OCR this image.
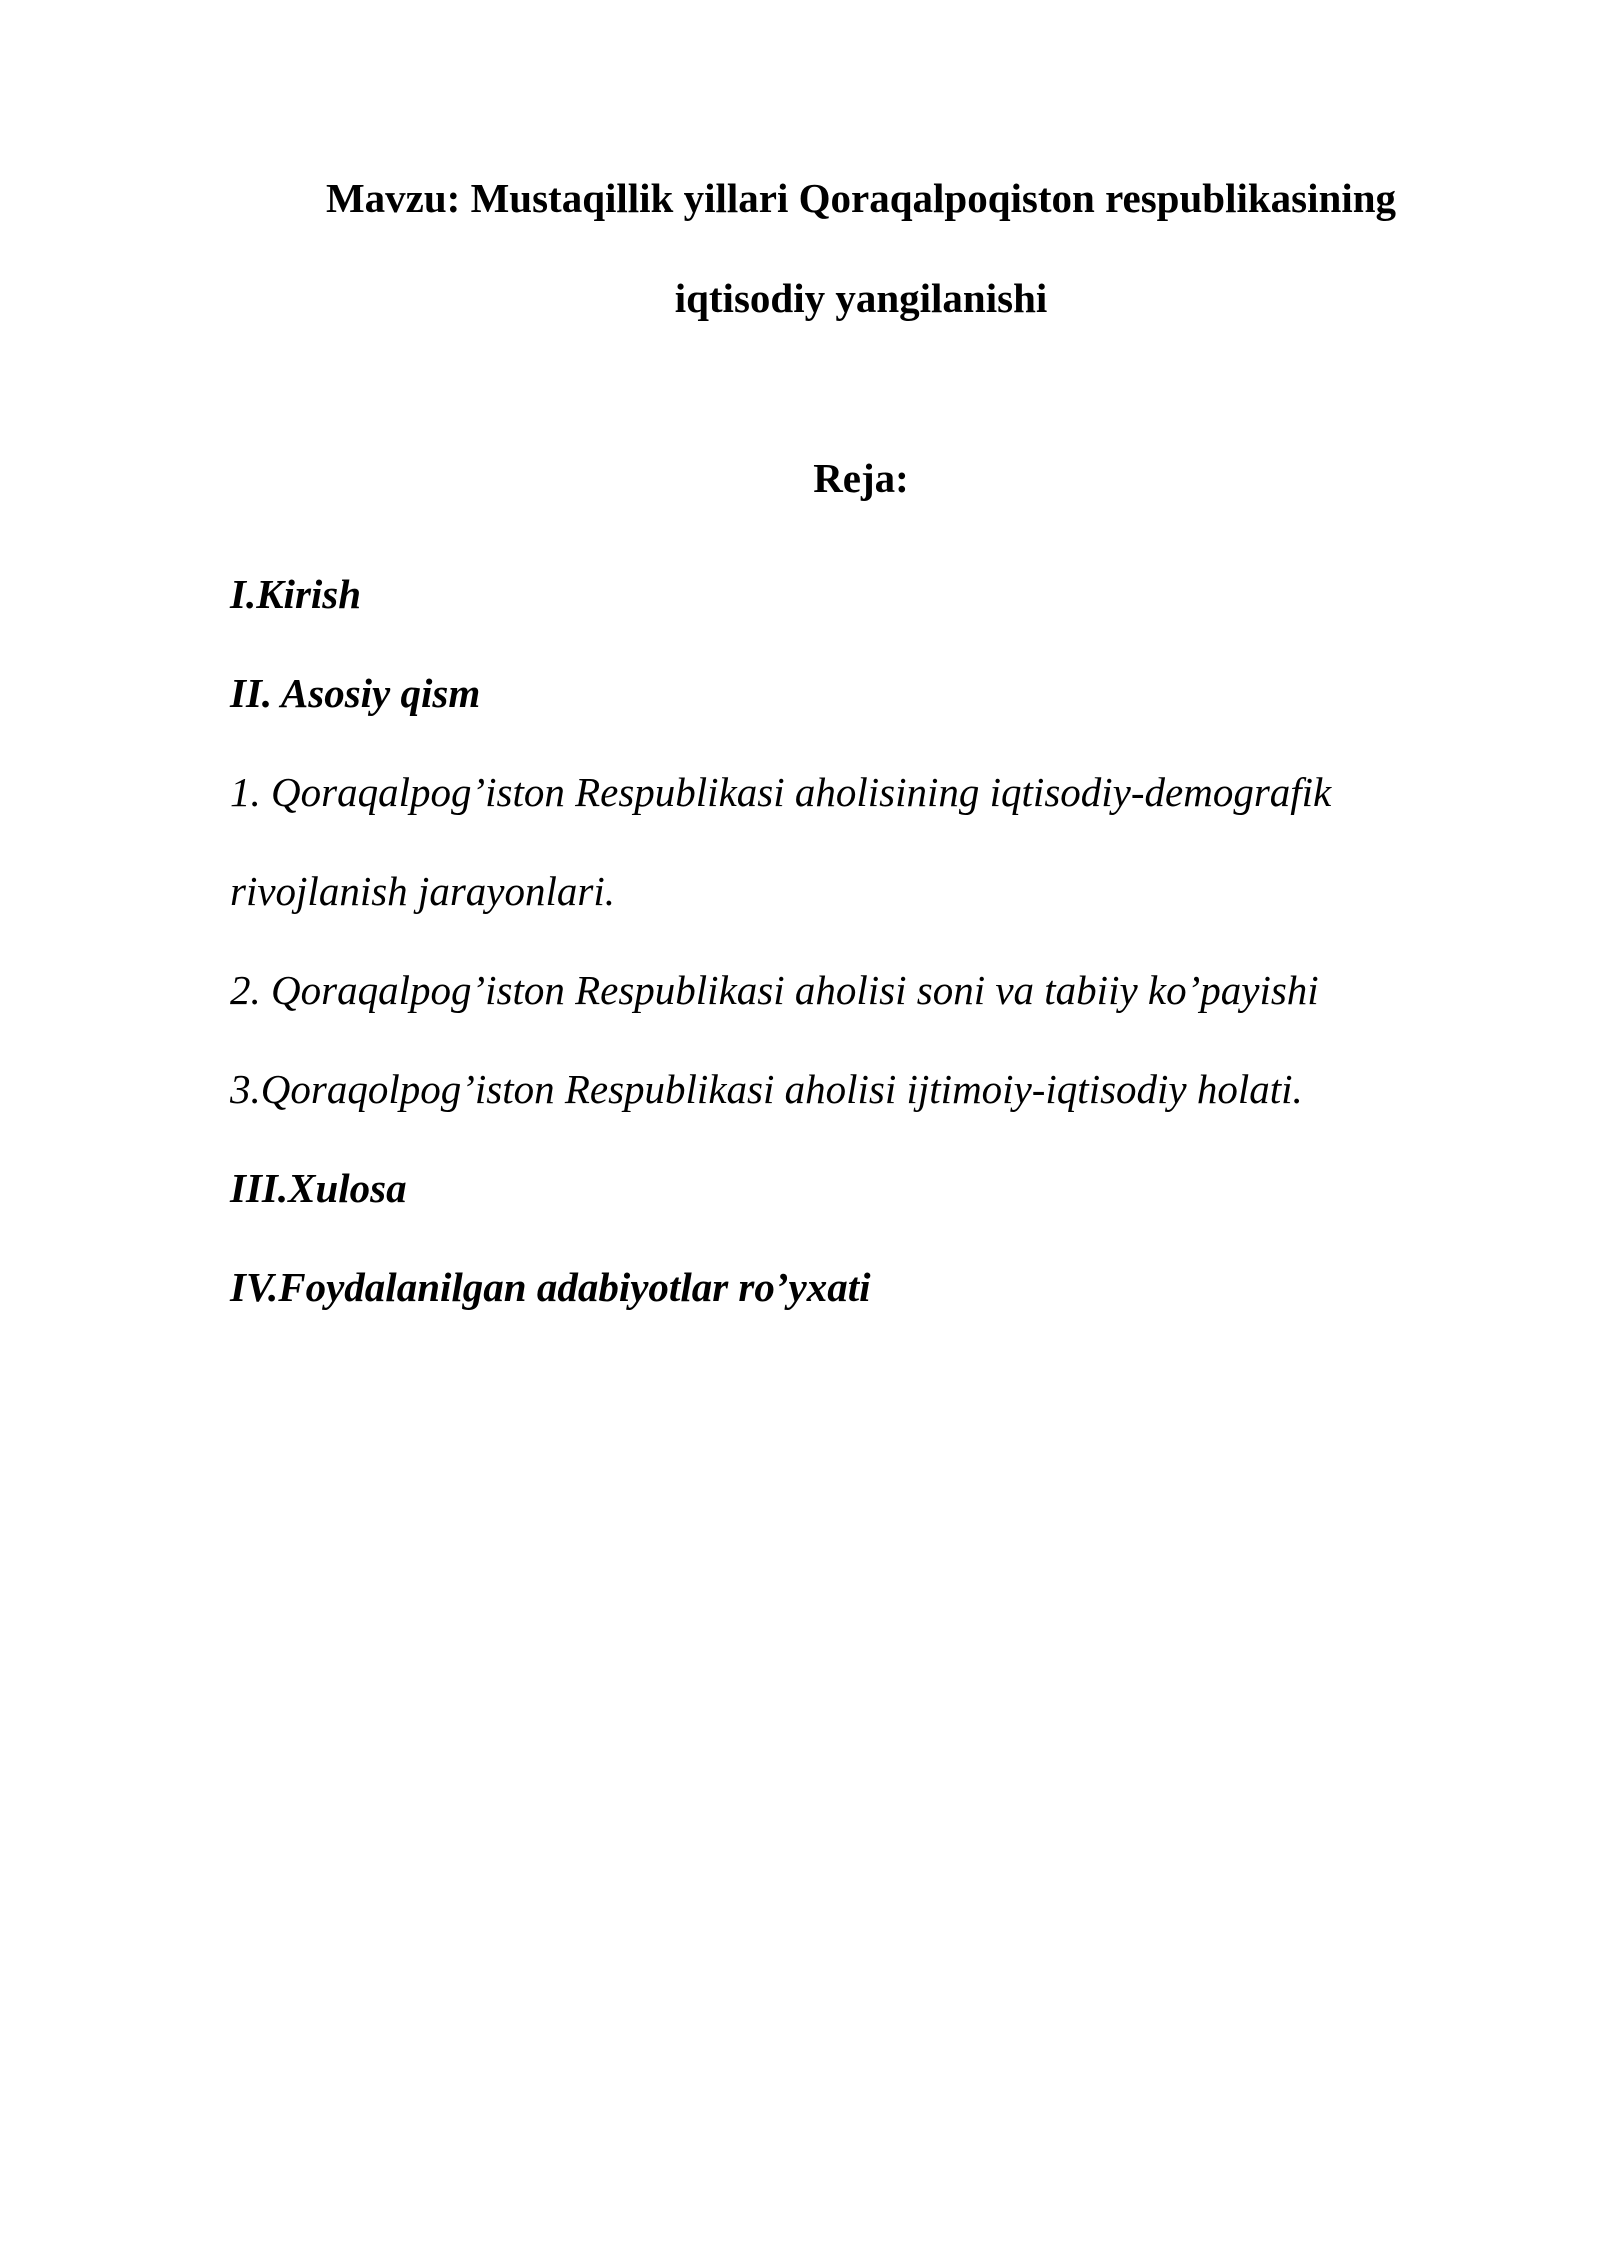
Mavzu: Mustaqillik yillari Qoraqalpoqiston respublikasining
iqtisodiy yangilanishi
Reja:
I.Kirish
II. Asosiy qism
1. Qoraqalpog’iston Respublikasi aholisining iqtisodiy-demografik
rivojlanish jarayonlari.
2. Qoraqalpog’iston Respublikasi aholisi soni va tabiiy ko’payishi
3.Qoraqolpog’iston Respublikasi aholisi ijtimoiy-iqtisodiy holati.
III.Xulosa
IV.Foydalanilgan adabiyotlar ro’yxati
